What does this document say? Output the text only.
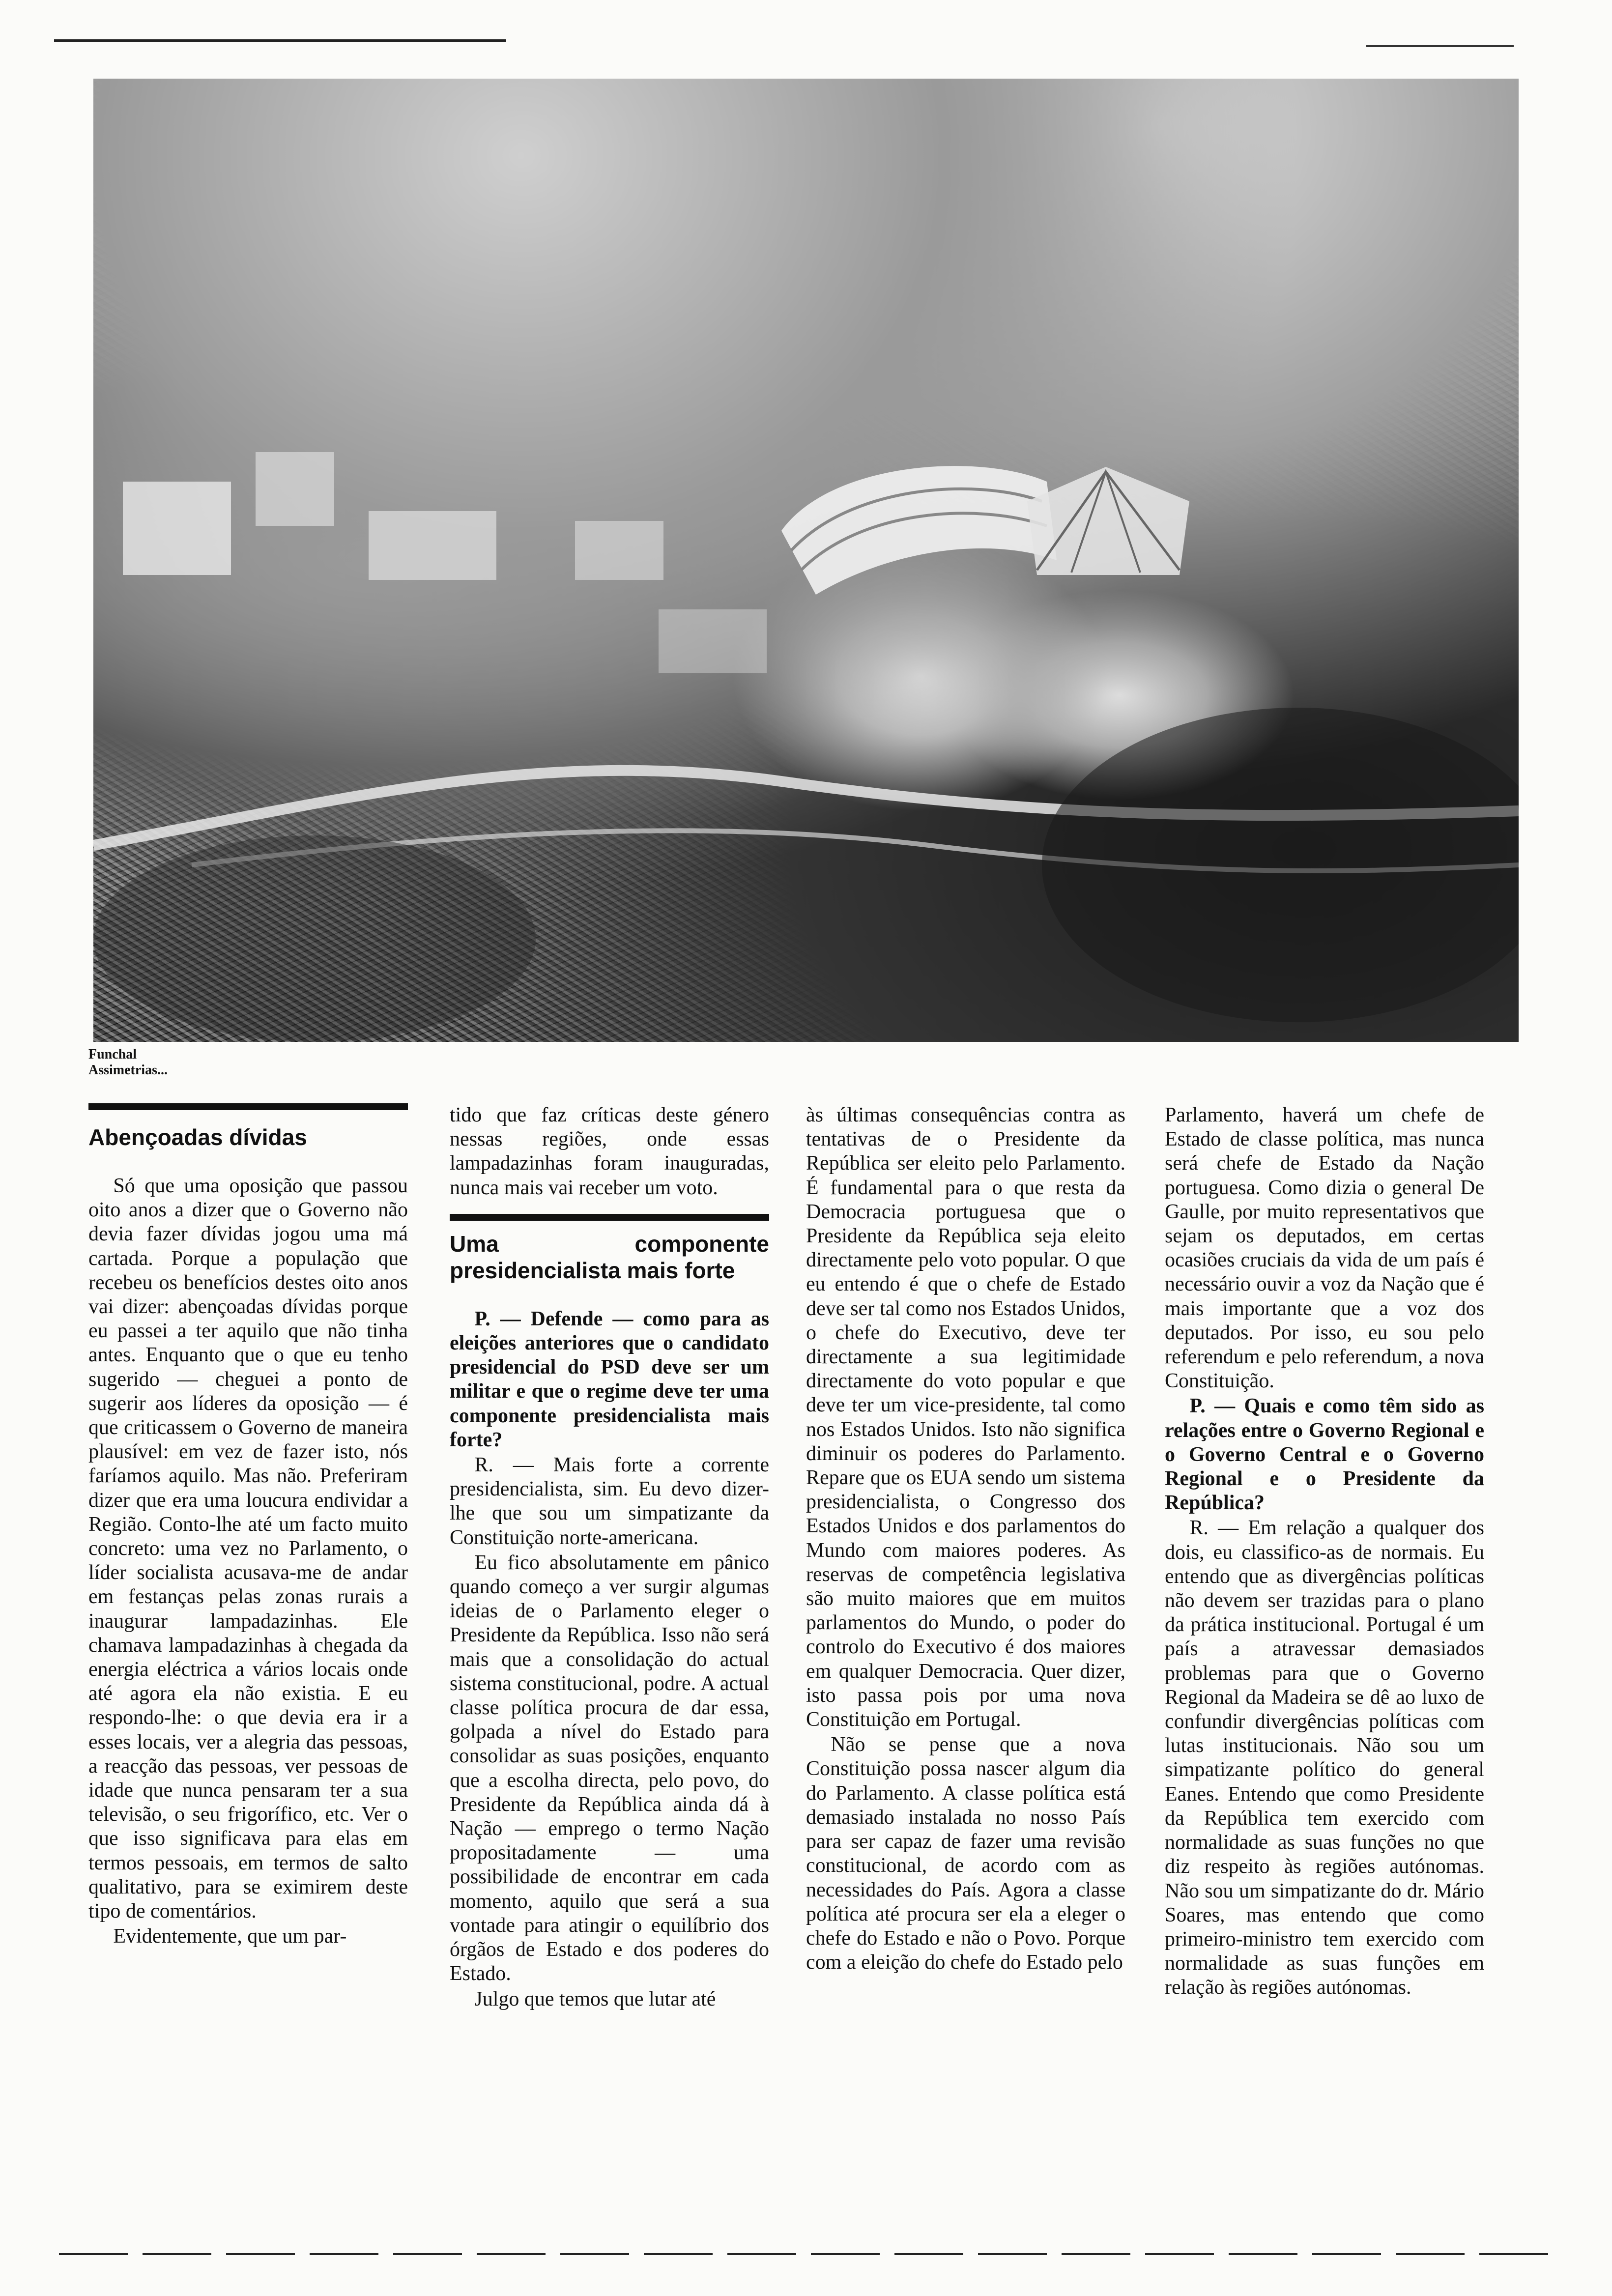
Funchal
Assimetrias...
Abençoadas dívidas

Só que uma oposição que passou oito anos a dizer que o Governo não devia fazer dívidas jogou uma má cartada. Porque a população que recebeu os benefícios destes oito anos vai dizer: abençoadas dívidas porque eu passei a ter aquilo que não tinha antes. Enquanto que o que eu tenho sugerido — cheguei a ponto de sugerir aos líderes da oposição — é que criticassem o Governo de maneira plausível: em vez de fazer isto, nós faríamos aquilo. Mas não. Preferiram dizer que era uma loucura endividar a Região. Conto-lhe até um facto muito concreto: uma vez no Parlamento, o líder socialista acusava-me de andar em festanças pelas zonas rurais a inaugurar lampadazinhas. Ele chamava lampadazinhas à chegada da energia eléctrica a vários locais onde até agora ela não existia. E eu respondo-lhe: o que devia era ir a esses locais, ver a alegria das pessoas, a reacção das pessoas, ver pessoas de idade que nunca pensaram ter a sua televisão, o seu frigorífico, etc. Ver o que isso significava para elas em termos pessoais, em termos de salto qualitativo, para se eximirem deste tipo de comentários.

Evidentemente, que um par-

tido que faz críticas deste género nessas regiões, onde essas lampadazinhas foram inauguradas, nunca mais vai receber um voto.

Uma componente presidencialista mais forte

P. — Defende — como para as eleições anteriores que o candidato presidencial do PSD deve ser um militar e que o regime deve ter uma componente presidencialista mais forte?

R. — Mais forte a corrente presidencialista, sim. Eu devo dizer-lhe que sou um simpatizante da Constituição norte-americana.

Eu fico absolutamente em pânico quando começo a ver surgir algumas ideias de o Parlamento eleger o Presidente da República. Isso não será mais que a consolidação do actual sistema constitucional, podre. A actual classe política procura de dar essa, golpada a nível do Estado para consolidar as suas posições, enquanto que a escolha directa, pelo povo, do Presidente da República ainda dá à Nação — emprego o termo Nação propositadamente — uma possibilidade de encontrar em cada momento, aquilo que será a sua vontade para atingir o equilíbrio dos órgãos de Estado e dos poderes do Estado.

Julgo que temos que lutar até

às últimas consequências contra as tentativas de o Presidente da República ser eleito pelo Parlamento. É fundamental para o que resta da Democracia portuguesa que o Presidente da República seja eleito directamente pelo voto popular. O que eu entendo é que o chefe de Estado deve ser tal como nos Estados Unidos, o chefe do Executivo, deve ter directamente a sua legitimidade directamente do voto popular e que deve ter um vice-presidente, tal como nos Estados Unidos. Isto não significa diminuir os poderes do Parlamento. Repare que os EUA sendo um sistema presidencialista, o Congresso dos Estados Unidos e dos parlamentos do Mundo com maiores poderes. As reservas de competência legislativa são muito maiores que em muitos parlamentos do Mundo, o poder do controlo do Executivo é dos maiores em qualquer Democracia. Quer dizer, isto passa pois por uma nova Constituição em Portugal.

Não se pense que a nova Constituição possa nascer algum dia do Parlamento. A classe política está demasiado instalada no nosso País para ser capaz de fazer uma revisão constitucional, de acordo com as necessidades do País. Agora a classe política até procura ser ela a eleger o chefe do Estado e não o Povo. Porque com a eleição do chefe do Estado pelo

Parlamento, haverá um chefe de Estado de classe política, mas nunca será chefe de Estado da Nação portuguesa. Como dizia o general De Gaulle, por muito representativos que sejam os deputados, em certas ocasiões cruciais da vida de um país é necessário ouvir a voz da Nação que é mais importante que a voz dos deputados. Por isso, eu sou pelo referendum e pelo referendum, a nova Constituição.

P. — Quais e como têm sido as relações entre o Governo Regional e o Governo Central e o Governo Regional e o Presidente da República?

R. — Em relação a qualquer dos dois, eu classifico-as de normais. Eu entendo que as divergências políticas não devem ser trazidas para o plano da prática institucional. Portugal é um país a atravessar demasiados problemas para que o Governo Regional da Madeira se dê ao luxo de confundir divergências políticas com lutas institucionais. Não sou um simpatizante político do general Eanes. Entendo que como Presidente da República tem exercido com normalidade as suas funções no que diz respeito às regiões autónomas. Não sou um simpatizante do dr. Mário Soares, mas entendo que como primeiro-ministro tem exercido com normalidade as suas funções em relação às regiões autónomas.
